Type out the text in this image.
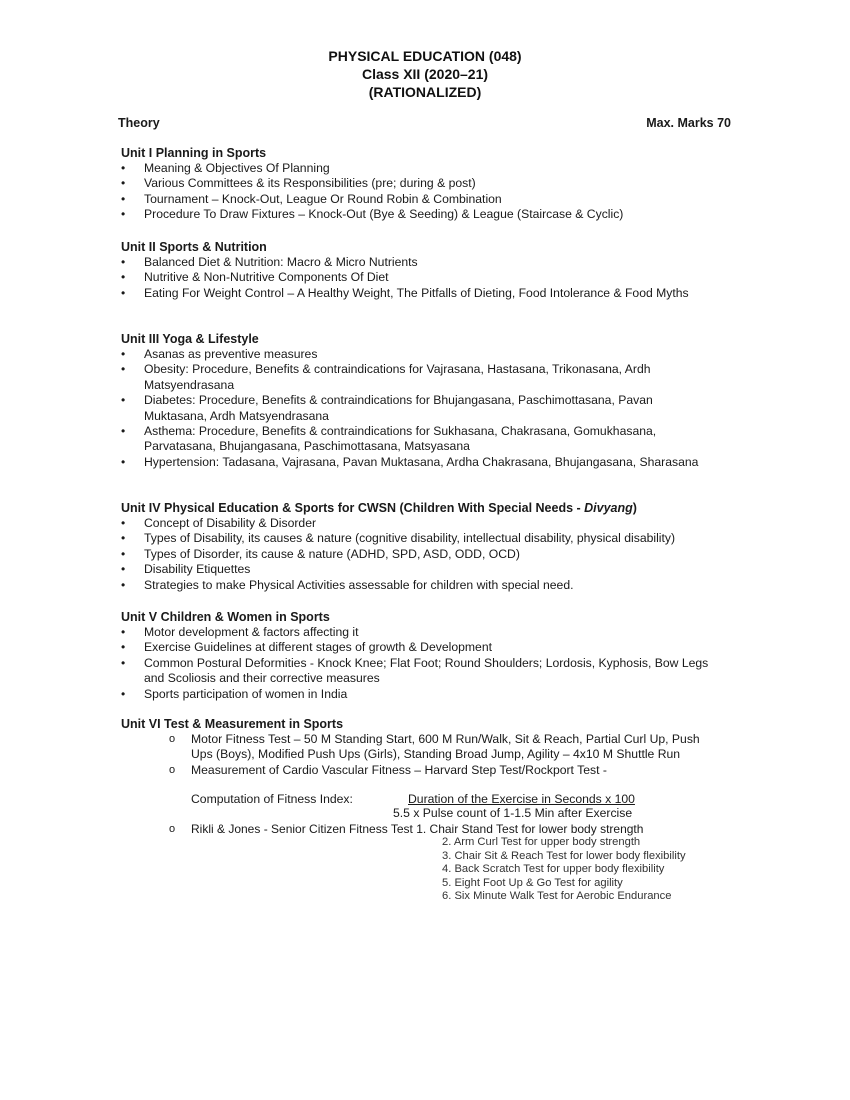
PHYSICAL EDUCATION (048)
Class XII (2020–21)
(RATIONALIZED)
Theory	Max. Marks 70
Unit I Planning in Sports
• Meaning & Objectives Of Planning
• Various Committees & its Responsibilities (pre; during & post)
• Tournament – Knock-Out, League Or Round Robin & Combination
• Procedure To Draw Fixtures – Knock-Out (Bye & Seeding) & League (Staircase & Cyclic)
Unit II Sports & Nutrition
• Balanced Diet & Nutrition: Macro & Micro Nutrients
• Nutritive & Non-Nutritive Components Of Diet
• Eating For Weight Control – A Healthy Weight, The Pitfalls of Dieting, Food Intolerance & Food Myths
Unit III Yoga & Lifestyle
• Asanas as preventive measures
• Obesity: Procedure, Benefits & contraindications for Vajrasana, Hastasana, Trikonasana, Ardh Matsyendrasana
• Diabetes: Procedure, Benefits & contraindications for Bhujangasana, Paschimottasana, Pavan Muktasana, Ardh Matsyendrasana
• Asthema: Procedure, Benefits & contraindications for Sukhasana, Chakrasana, Gomukhasana, Parvatasana, Bhujangasana, Paschimottasana, Matsyasana
• Hypertension: Tadasana, Vajrasana, Pavan Muktasana, Ardha Chakrasana, Bhujangasana, Sharasana
Unit IV Physical Education & Sports for CWSN (Children With Special Needs - Divyang)
• Concept of Disability & Disorder
• Types of Disability, its causes & nature (cognitive disability, intellectual disability, physical disability)
• Types of Disorder, its cause & nature (ADHD, SPD, ASD, ODD, OCD)
• Disability Etiquettes
• Strategies to make Physical Activities assessable for children with special need.
Unit V Children & Women in Sports
• Motor development & factors affecting it
• Exercise Guidelines at different stages of growth & Development
• Common Postural Deformities - Knock Knee; Flat Foot; Round Shoulders; Lordosis, Kyphosis, Bow Legs and Scoliosis and their corrective measures
• Sports participation of women in India
Unit VI Test & Measurement in Sports
o Motor Fitness Test – 50 M Standing Start, 600 M Run/Walk, Sit & Reach, Partial Curl Up, Push Ups (Boys), Modified Push Ups (Girls), Standing Broad Jump, Agility – 4x10 M Shuttle Run
o Measurement of Cardio Vascular Fitness – Harvard Step Test/Rockport Test -
Computation of Fitness Index:	Duration of the Exercise in Seconds x 100
5.5 x Pulse count of 1-1.5 Min after Exercise
o Rikli & Jones - Senior Citizen Fitness Test 1. Chair Stand Test for lower body strength
2. Arm Curl Test for upper body strength
3. Chair Sit & Reach Test for lower body flexibility
4. Back Scratch Test for upper body flexibility
5. Eight Foot Up & Go Test for agility
6. Six Minute Walk Test for Aerobic Endurance
